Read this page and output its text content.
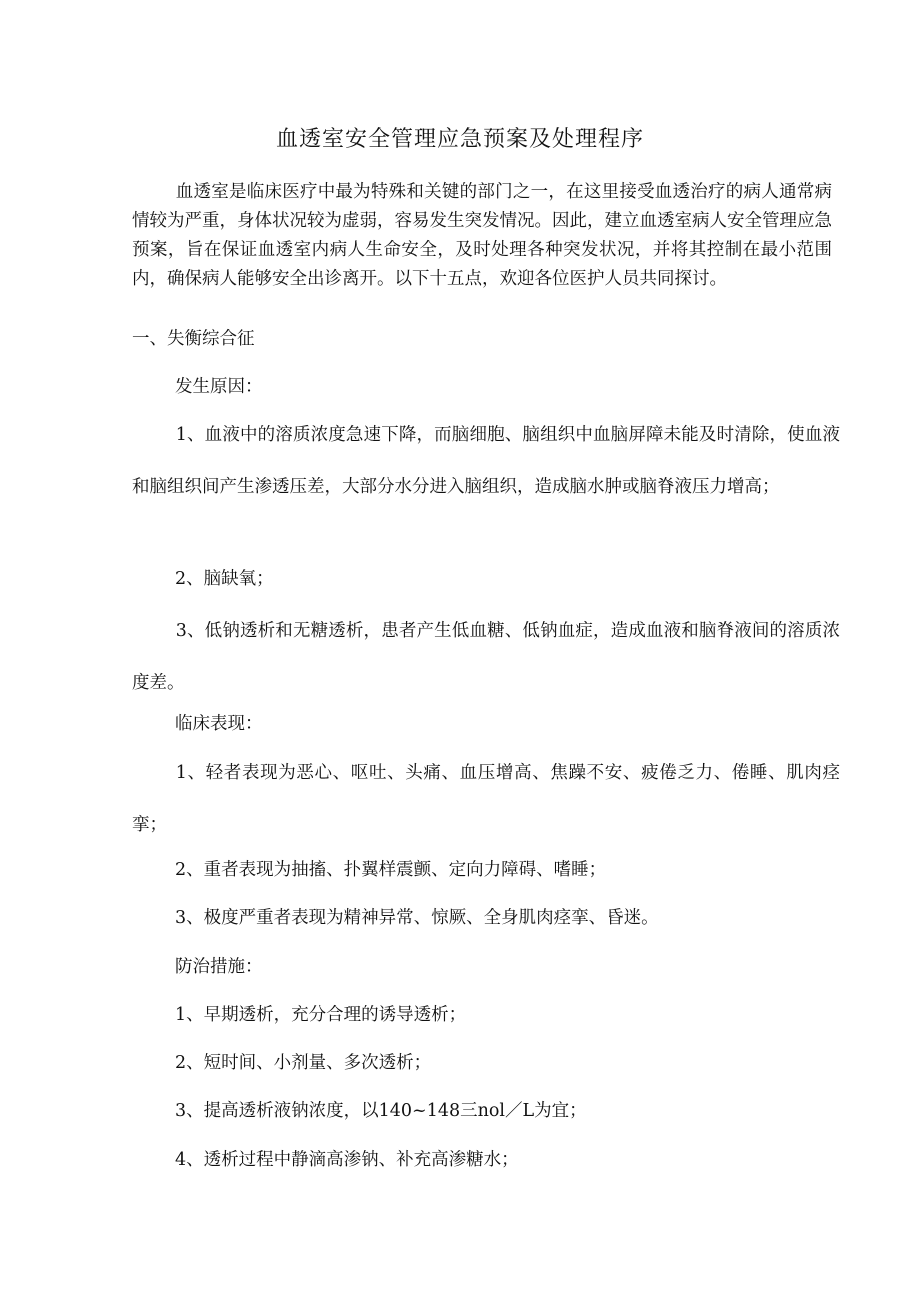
血透室安全管理应急预案及处理程序

血透室是临床医疗中最为特殊和关键的部门之一，在这里接受血透治疗的病人通常病情较为严重，身体状况较为虚弱，容易发生突发情况。因此，建立血透室病人安全管理应急预案，旨在保证血透室内病人生命安全，及时处理各种突发状况，并将其控制在最小范围内，确保病人能够安全出诊离开。以下十五点，欢迎各位医护人员共同探讨。

一、失衡综合征

发生原因：

1、血液中的溶质浓度急速下降，而脑细胞、脑组织中血脑屏障未能及时清除，使血液和脑组织间产生渗透压差，大部分水分进入脑组织，造成脑水肿或脑脊液压力增高；

2、脑缺氧；

3、低钠透析和无糖透析，患者产生低血糖、低钠血症，造成血液和脑脊液间的溶质浓度差。

临床表现：

1、轻者表现为恶心、呕吐、头痛、血压增高、焦躁不安、疲倦乏力、倦睡、肌肉痉挛；

2、重者表现为抽搐、扑翼样震颤、定向力障碍、嗜睡；

3、极度严重者表现为精神异常、惊厥、全身肌肉痉挛、昏迷。

防治措施：

1、早期透析，充分合理的诱导透析；

2、短时间、小剂量、多次透析；

3、提高透析液钠浓度，以140~148三nol／L为宜；

4、透析过程中静滴高渗钠、补充高渗糖水；
